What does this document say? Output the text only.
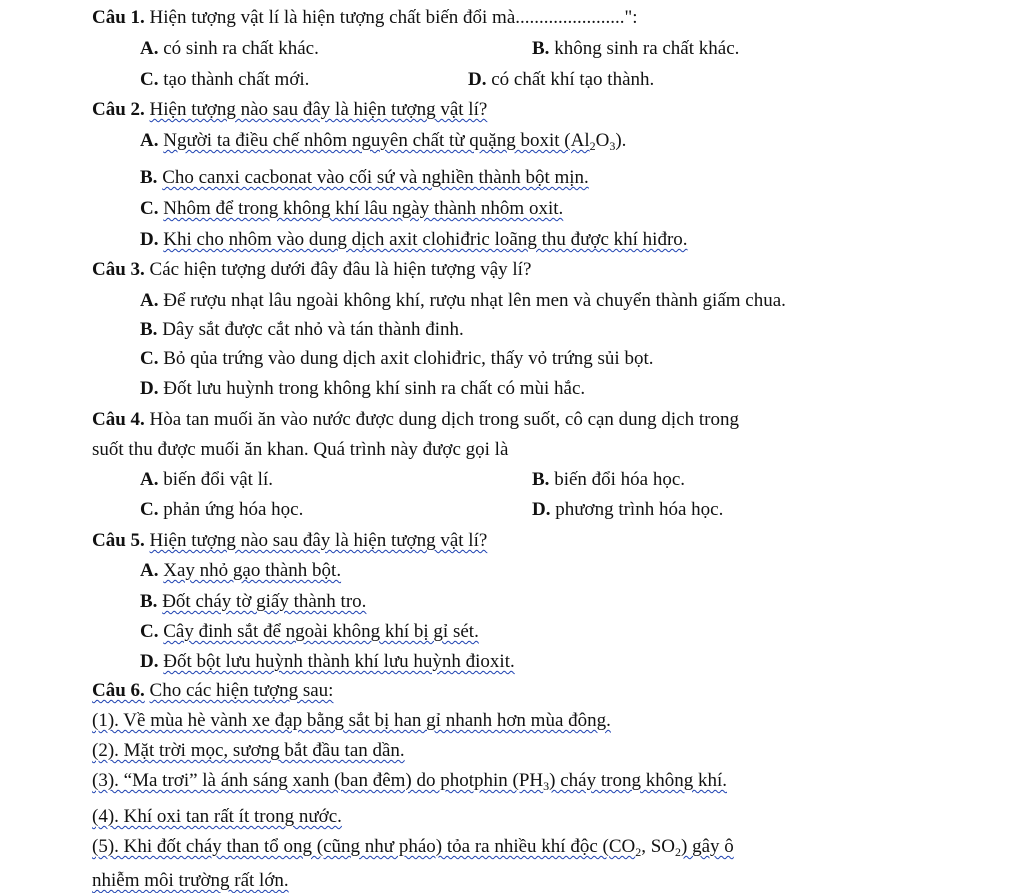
Câu 1. Hiện tượng vật lí là hiện tượng chất biến đổi mà.......................":
A. có sinh ra chất khác.	B. không sinh ra chất khác.
C. tạo thành chất mới.	D. có chất khí tạo thành.
Câu 2. Hiện tượng nào sau đây là hiện tượng vật lí?
A. Người ta điều chế nhôm nguyên chất từ quặng boxit $(Al_2O_3)$.
B. Cho canxi cacbonat vào cối sứ và nghiền thành bột mịn.
C. Nhôm để trong không khí lâu ngày thành nhôm oxit.
D. Khi cho nhôm vào dung dịch axit clohiđric loãng thu được khí hiđro.
Câu 3. Các hiện tượng dưới đây đâu là hiện tượng vậy lí?
A. Để rượu nhạt lâu ngoài không khí, rượu nhạt lên men và chuyển thành giấm chua.
B. Dây sắt được cắt nhỏ và tán thành đinh.
C. Bỏ qủa trứng vào dung dịch axit clohiđric, thấy vỏ trứng sủi bọt.
D. Đốt lưu huỳnh trong không khí sinh ra chất có mùi hắc.
Câu 4. Hòa tan muối ăn vào nước được dung dịch trong suốt, cô cạn dung dịch trong
suốt thu được muối ăn khan. Quá trình này được gọi là
A. biến đổi vật lí.	B. biến đổi hóa học.
C. phản ứng hóa học.	D. phương trình hóa học.
Câu 5. Hiện tượng nào sau đây là hiện tượng vật lí?
A. Xay nhỏ gạo thành bột.
B. Đốt cháy tờ giấy thành tro.
C. Cây đinh sắt để ngoài không khí bị gỉ sét.
D. Đốt bột lưu huỳnh thành khí lưu huỳnh đioxit.
Câu 6. Cho các hiện tượng sau:
(1). Về mùa hè vành xe đạp bằng sắt bị han gỉ nhanh hơn mùa đông.
(2). Mặt trời mọc, sương bắt đầu tan dần.
(3). “Ma trơi” là ánh sáng xanh (ban đêm) do photphin $(PH_3)$ cháy trong không khí.
(4). Khí oxi tan rất ít trong nước.
(5). Khi đốt cháy than tổ ong (cũng như pháo) tỏa ra nhiều khí độc ($CO_2$, $SO_2$) gây ô
nhiễm môi trường rất lớn.
